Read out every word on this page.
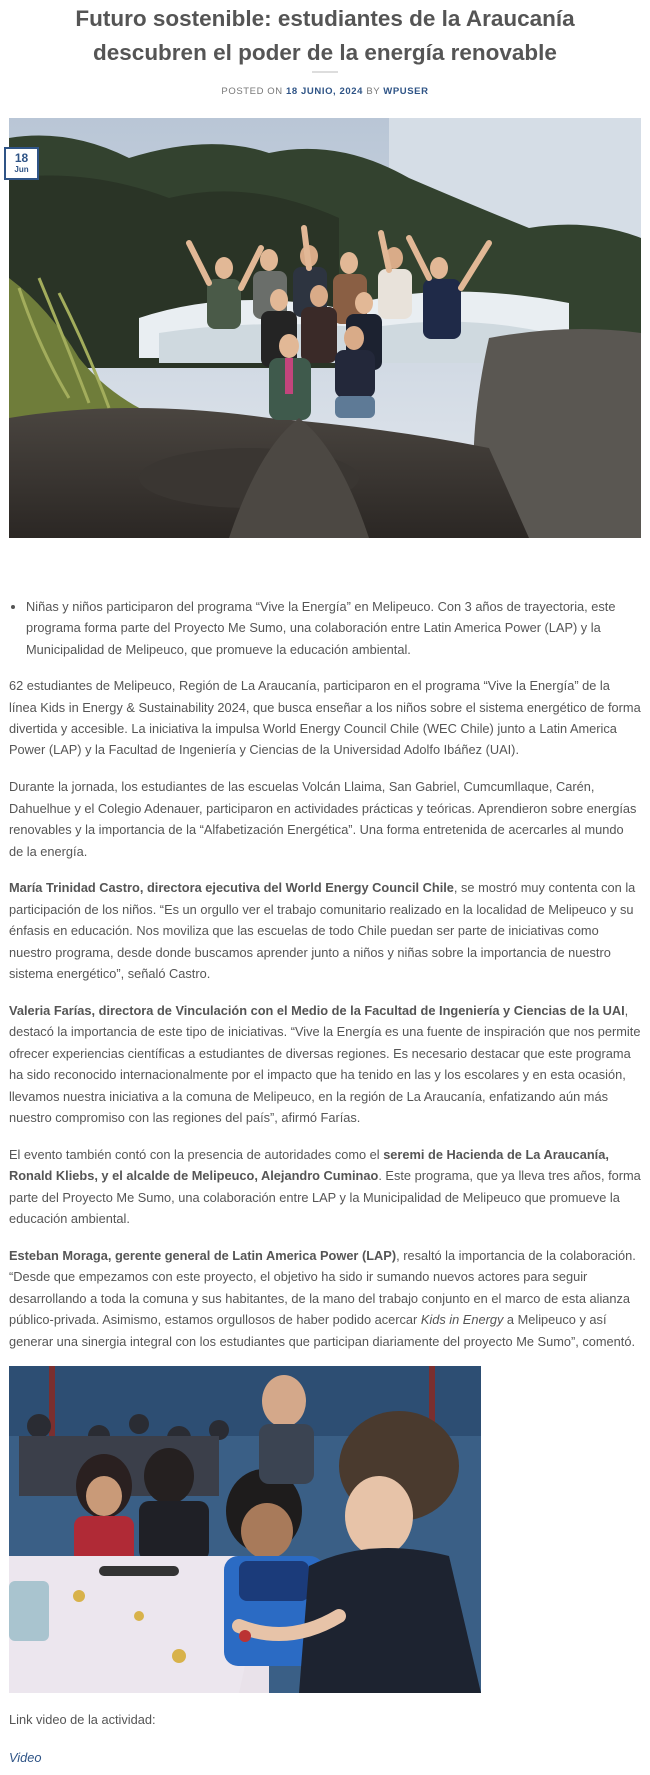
Futuro sostenible: estudiantes de la Araucanía descubren el poder de la energía renovable
POSTED ON 18 JUNIO, 2024 BY WPUSER
18
Jun
• Niñas y niños participaron del programa “Vive la Energía” en Melipeuco. Con 3 años de trayectoria, este programa forma parte del Proyecto Me Sumo, una colaboración entre Latin America Power (LAP) y la Municipalidad de Melipeuco, que promueve la educación ambiental.

62 estudiantes de Melipeuco, Región de La Araucanía, participaron en el programa “Vive la Energía” de la línea Kids in Energy & Sustainability 2024, que busca enseñar a los niños sobre el sistema energético de forma divertida y accesible. La iniciativa la impulsa World Energy Council Chile (WEC Chile) junto a Latin America Power (LAP) y la Facultad de Ingeniería y Ciencias de la Universidad Adolfo Ibáñez (UAI).

Durante la jornada, los estudiantes de las escuelas Volcán Llaima, San Gabriel, Cumcumllaque, Carén, Dahuelhue y el Colegio Adenauer, participaron en actividades prácticas y teóricas. Aprendieron sobre energías renovables y la importancia de la “Alfabetización Energética”. Una forma entretenida de acercarles al mundo de la energía.

María Trinidad Castro, directora ejecutiva del World Energy Council Chile, se mostró muy contenta con la participación de los niños. “Es un orgullo ver el trabajo comunitario realizado en la localidad de Melipeuco y su énfasis en educación. Nos moviliza que las escuelas de todo Chile puedan ser parte de iniciativas como nuestro programa, desde donde buscamos aprender junto a niños y niñas sobre la importancia de nuestro sistema energético”, señaló Castro.

Valeria Farías, directora de Vinculación con el Medio de la Facultad de Ingeniería y Ciencias de la UAI, destacó la importancia de este tipo de iniciativas. “Vive la Energía es una fuente de inspiración que nos permite ofrecer experiencias científicas a estudiantes de diversas regiones. Es necesario destacar que este programa ha sido reconocido internacionalmente por el impacto que ha tenido en las y los escolares y en esta ocasión, llevamos nuestra iniciativa a la comuna de Melipeuco, en la región de La Araucanía, enfatizando aún más nuestro compromiso con las regiones del país”, afirmó Farías.

El evento también contó con la presencia de autoridades como el seremi de Hacienda de La Araucanía, Ronald Kliebs, y el alcalde de Melipeuco, Alejandro Cuminao. Este programa, que ya lleva tres años, forma parte del Proyecto Me Sumo, una colaboración entre LAP y la Municipalidad de Melipeuco que promueve la educación ambiental.

Esteban Moraga, gerente general de Latin America Power (LAP), resaltó la importancia de la colaboración. “Desde que empezamos con este proyecto, el objetivo ha sido ir sumando nuevos actores para seguir desarrollando a toda la comuna y sus habitantes, de la mano del trabajo conjunto en el marco de esta alianza público-privada. Asimismo, estamos orgullosos de haber podido acercar Kids in Energy a Melipeuco y así generar una sinergia integral con los estudiantes que participan diariamente del proyecto Me Sumo”, comentó.

Link video de la actividad:
Video
